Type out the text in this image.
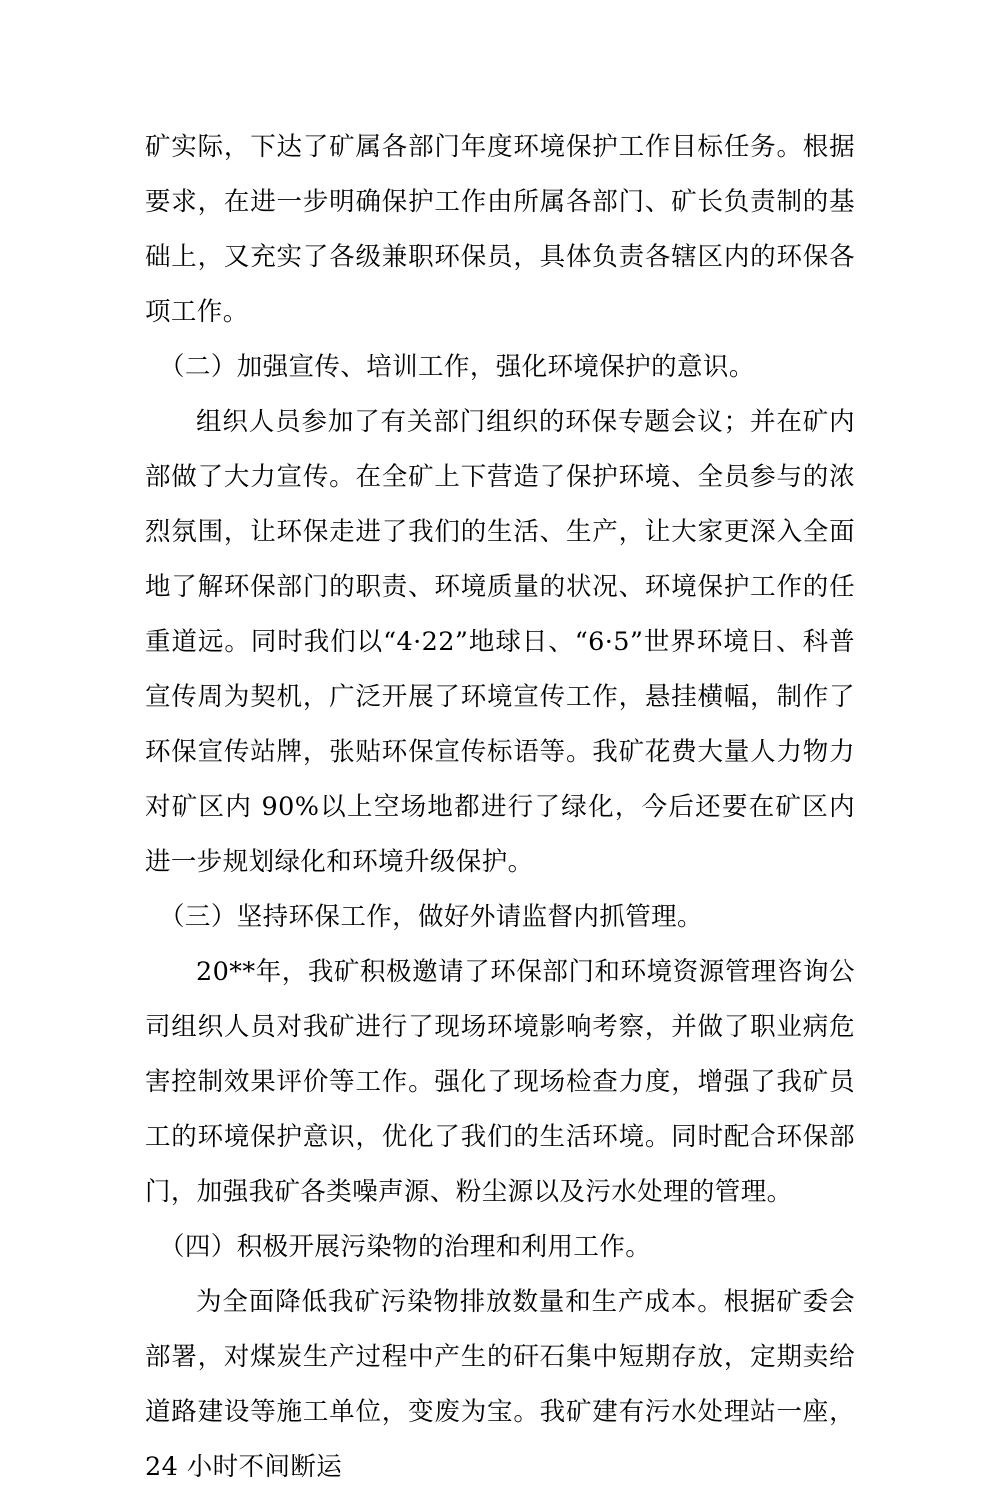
矿实际，下达了矿属各部门年度环境保护工作目标任务。根据要求，在进一步明确保护工作由所属各部门、矿长负责制的基础上，又充实了各级兼职环保员，具体负责各辖区内的环保各项工作。

（二）加强宣传、培训工作，强化环境保护的意识。

组织人员参加了有关部门组织的环保专题会议；并在矿内部做了大力宣传。在全矿上下营造了保护环境、全员参与的浓烈氛围，让环保走进了我们的生活、生产，让大家更深入全面地了解环保部门的职责、环境质量的状况、环境保护工作的任重道远。同时我们以“4·22”地球日、“6·5”世界环境日、科普宣传周为契机，广泛开展了环境宣传工作，悬挂横幅，制作了环保宣传站牌，张贴环保宣传标语等。我矿花费大量人力物力对矿区内 90%以上空场地都进行了绿化，今后还要在矿区内进一步规划绿化和环境升级保护。

（三）坚持环保工作，做好外请监督内抓管理。

20**年，我矿积极邀请了环保部门和环境资源管理咨询公司组织人员对我矿进行了现场环境影响考察，并做了职业病危害控制效果评价等工作。强化了现场检查力度，增强了我矿员工的环境保护意识，优化了我们的生活环境。同时配合环保部门，加强我矿各类噪声源、粉尘源以及污水处理的管理。

（四）积极开展污染物的治理和利用工作。

为全面降低我矿污染物排放数量和生产成本。根据矿委会部署，对煤炭生产过程中产生的矸石集中短期存放，定期卖给道路建设等施工单位，变废为宝。我矿建有污水处理站一座，24 小时不间断运
